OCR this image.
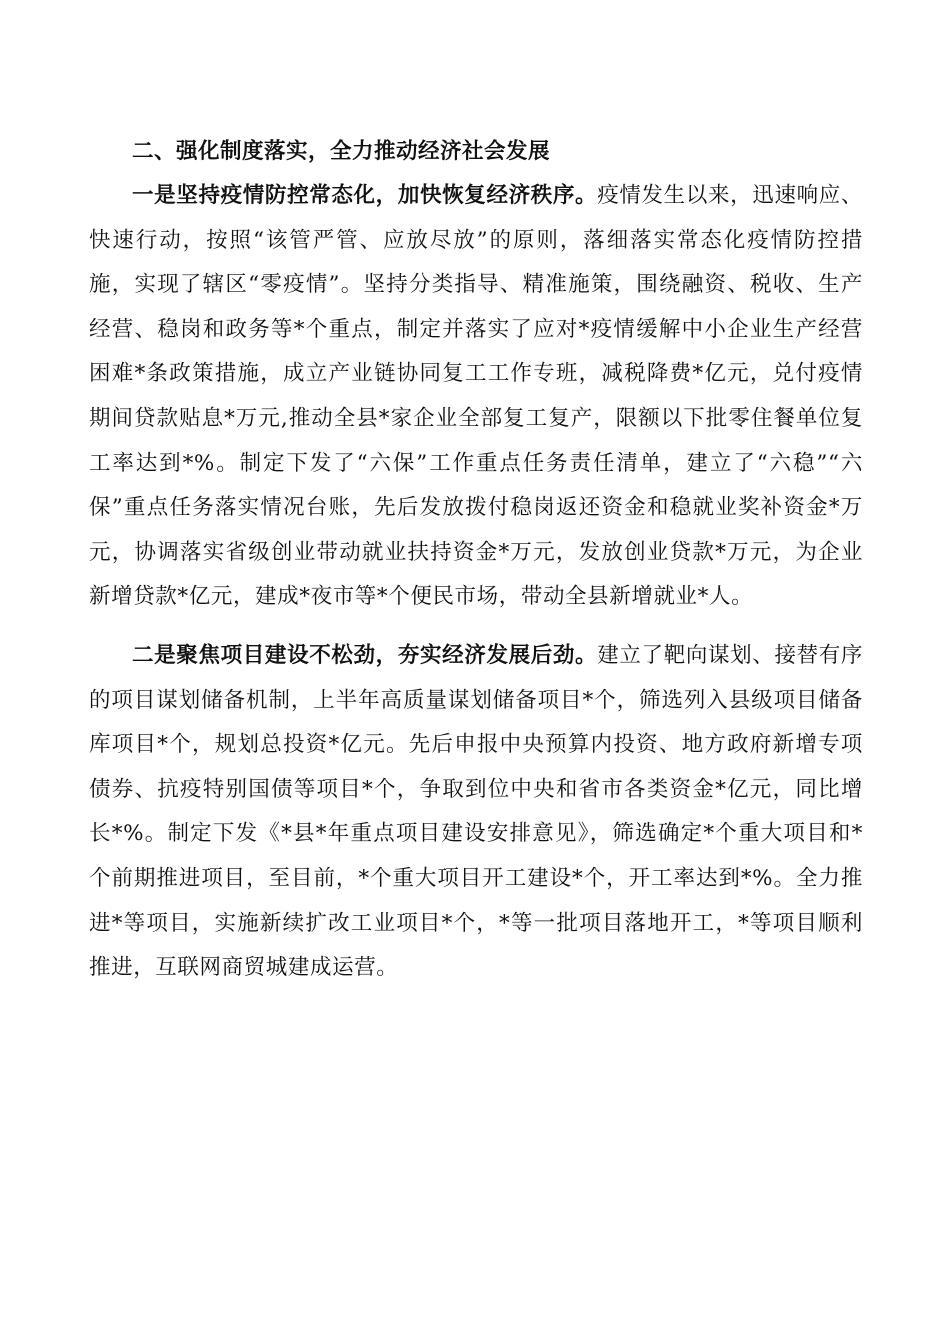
二、强化制度落实，全力推动经济社会发展

一是坚持疫情防控常态化，加快恢复经济秩序。疫情发生以来，迅速响应、快速行动，按照“该管严管、应放尽放”的原则，落细落实常态化疫情防控措施，实现了辖区“零疫情”。坚持分类指导、精准施策，围绕融资、税收、生产经营、稳岗和政务等*个重点，制定并落实了应对*疫情缓解中小企业生产经营困难*条政策措施，成立产业链协同复工工作专班，减税降费*亿元，兑付疫情期间贷款贴息*万元,推动全县*家企业全部复工复产，限额以下批零住餐单位复工率达到*%。制定下发了“六保”工作重点任务责任清单，建立了“六稳”“六保”重点任务落实情况台账，先后发放拨付稳岗返还资金和稳就业奖补资金*万元，协调落实省级创业带动就业扶持资金*万元，发放创业贷款*万元，为企业新增贷款*亿元，建成*夜市等*个便民市场，带动全县新增就业*人。

二是聚焦项目建设不松劲，夯实经济发展后劲。建立了靶向谋划、接替有序的项目谋划储备机制，上半年高质量谋划储备项目*个，筛选列入县级项目储备库项目*个，规划总投资*亿元。先后申报中央预算内投资、地方政府新增专项债券、抗疫特别国债等项目*个，争取到位中央和省市各类资金*亿元，同比增长*%。制定下发《*县*年重点项目建设安排意见》，筛选确定*个重大项目和*个前期推进项目，至目前，*个重大项目开工建设*个，开工率达到*%。全力推进*等项目，实施新续扩改工业项目*个，*等一批项目落地开工，*等项目顺利推进，互联网商贸城建成运营。
